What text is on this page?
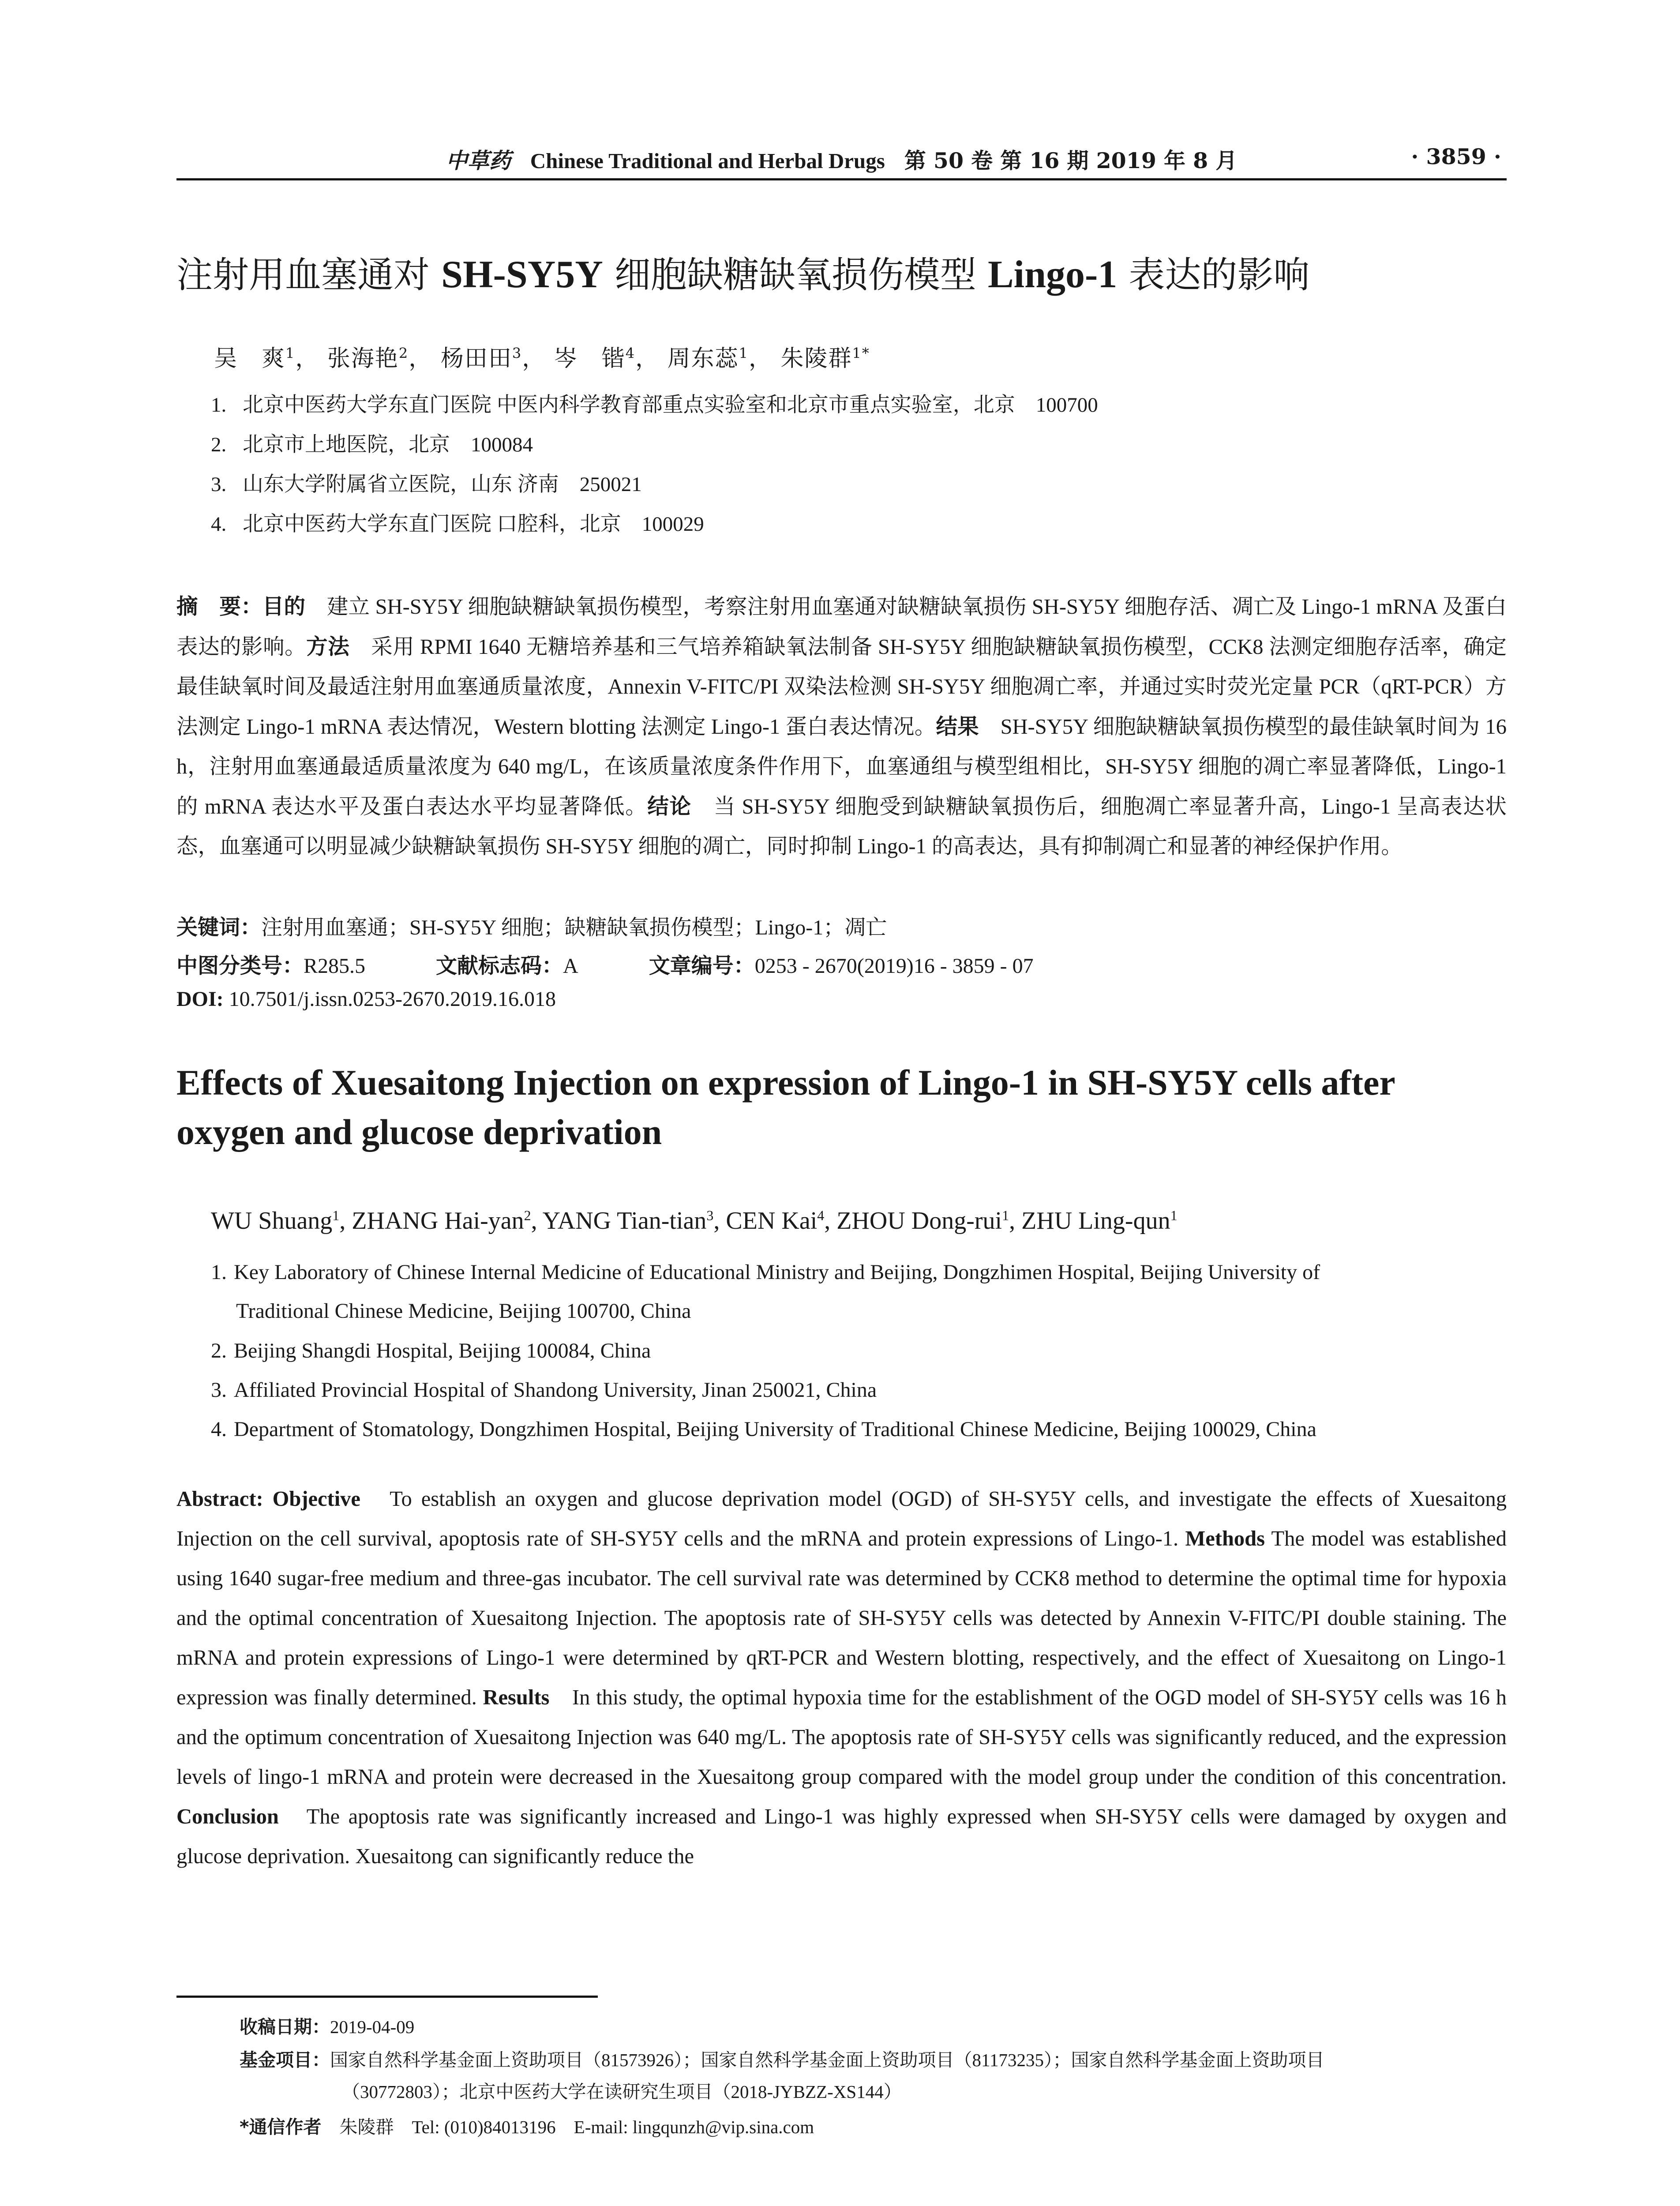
中草药 Chinese Traditional and Herbal Drugs 第 50 卷 第 16 期 2019 年 8 月	· 3859 ·
注射用血塞通对 SH-SY5Y 细胞缺糖缺氧损伤模型 Lingo-1 表达的影响
吴　爽$^1$， 张海艳$^2$， 杨田田$^3$， 岑　锴$^4$， 周东蕊$^1$， 朱陵群$^{1*}$
1. 北京中医药大学东直门医院 中医内科学教育部重点实验室和北京市重点实验室，北京　100700
2. 北京市上地医院，北京　100084
3. 山东大学附属省立医院，山东 济南　250021
4. 北京中医药大学东直门医院 口腔科，北京　100029
摘　要：目的　建立 SH-SY5Y 细胞缺糖缺氧损伤模型，考察注射用血塞通对缺糖缺氧损伤 SH-SY5Y 细胞存活、凋亡及 Lingo-1 mRNA 及蛋白表达的影响。方法　采用 RPMI 1640 无糖培养基和三气培养箱缺氧法制备 SH-SY5Y 细胞缺糖缺氧损伤模型，CCK8 法测定细胞存活率，确定最佳缺氧时间及最适注射用血塞通质量浓度，Annexin V-FITC/PI 双染法检测 SH-SY5Y 细胞凋亡率，并通过实时荧光定量 PCR（qRT-PCR）方法测定 Lingo-1 mRNA 表达情况，Western blotting 法测定 Lingo-1 蛋白表达情况。结果　SH-SY5Y 细胞缺糖缺氧损伤模型的最佳缺氧时间为 16 h，注射用血塞通最适质量浓度为 640 mg/L，在该质量浓度条件作用下，血塞通组与模型组相比，SH-SY5Y 细胞的凋亡率显著降低，Lingo-1 的 mRNA 表达水平及蛋白表达水平均显著降低。结论　当 SH-SY5Y 细胞受到缺糖缺氧损伤后，细胞凋亡率显著升高，Lingo-1 呈高表达状态，血塞通可以明显减少缺糖缺氧损伤 SH-SY5Y 细胞的凋亡，同时抑制 Lingo-1 的高表达，具有抑制凋亡和显著的神经保护作用。
关键词：注射用血塞通；SH-SY5Y 细胞；缺糖缺氧损伤模型；Lingo-1；凋亡
中图分类号：R285.5	文献标志码：A	文章编号：0253 - 2670(2019)16 - 3859 - 07
DOI: 10.7501/j.issn.0253-2670.2019.16.018
Effects of Xuesaitong Injection on expression of Lingo-1 in SH-SY5Y cells after oxygen and glucose deprivation
WU Shuang$^1$, ZHANG Hai-yan$^2$, YANG Tian-tian$^3$, CEN Kai$^4$, ZHOU Dong-rui$^1$, ZHU Ling-qun$^1$
1. Key Laboratory of Chinese Internal Medicine of Educational Ministry and Beijing, Dongzhimen Hospital, Beijing University of
Traditional Chinese Medicine, Beijing 100700, China
2. Beijing Shangdi Hospital, Beijing 100084, China
3. Affiliated Provincial Hospital of Shandong University, Jinan 250021, China
4. Department of Stomatology, Dongzhimen Hospital, Beijing University of Traditional Chinese Medicine, Beijing 100029, China
Abstract: Objective　To establish an oxygen and glucose deprivation model (OGD) of SH-SY5Y cells, and investigate the effects of Xuesaitong Injection on the cell survival, apoptosis rate of SH-SY5Y cells and the mRNA and protein expressions of Lingo-1. Methods The model was established using 1640 sugar-free medium and three-gas incubator. The cell survival rate was determined by CCK8 method to determine the optimal time for hypoxia and the optimal concentration of Xuesaitong Injection. The apoptosis rate of SH-SY5Y cells was detected by Annexin V-FITC/PI double staining. The mRNA and protein expressions of Lingo-1 were determined by qRT-PCR and Western blotting, respectively, and the effect of Xuesaitong on Lingo-1 expression was finally determined. Results　In this study, the optimal hypoxia time for the establishment of the OGD model of SH-SY5Y cells was 16 h and the optimum concentration of Xuesaitong Injection was 640 mg/L. The apoptosis rate of SH-SY5Y cells was significantly reduced, and the expression levels of lingo-1 mRNA and protein were decreased in the Xuesaitong group compared with the model group under the condition of this concentration. Conclusion　The apoptosis rate was significantly increased and Lingo-1 was highly expressed when SH-SY5Y cells were damaged by oxygen and glucose deprivation. Xuesaitong can significantly reduce the
收稿日期：2019-04-09
基金项目：国家自然科学基金面上资助项目（81573926）；国家自然科学基金面上资助项目（81173235）；国家自然科学基金面上资助项目
（30772803）；北京中医药大学在读研究生项目（2018-JYBZZ-XS144）
*通信作者　朱陵群　Tel: (010)84013196　E-mail: lingqunzh@vip.sina.com
